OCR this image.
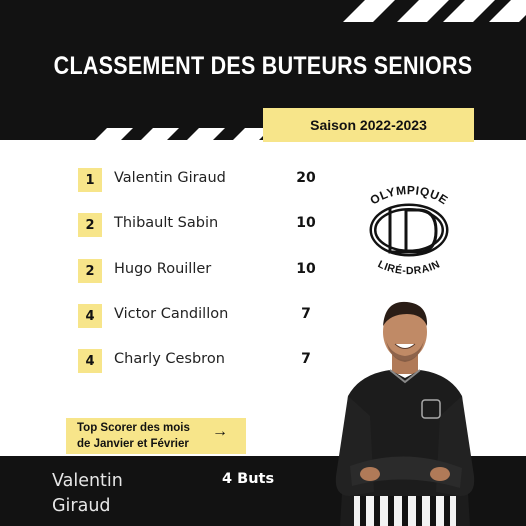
CLASSEMENT DES BUTEURS SENIORS
Saison 2022-2023
1	Valentin Giraud	20
2	Thibault Sabin	10
2	Hugo Rouiller	10
4	Victor Candillon	7
4	Charly Cesbron	7
OLYMPIQUE
LIRÉ-DRAIN
Top Scorer des mois de Janvier et Février
→
Valentin Giraud
4 Buts
